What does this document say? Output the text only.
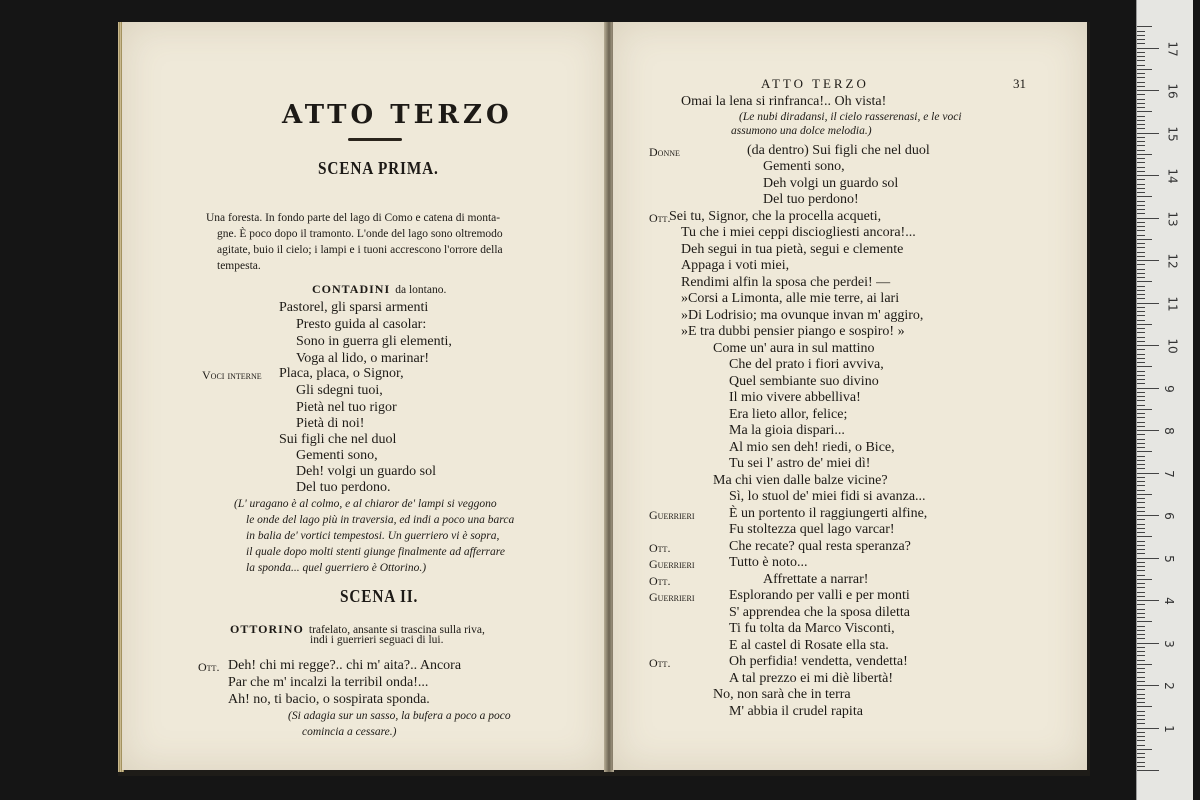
ATTO TERZO
SCENA PRIMA.
Una foresta. In fondo parte del lago di Como e catena di monta-
gne. È poco dopo il tramonto. L'onde del lago sono oltremodo
agitate, buio il cielo; i lampi e i tuoni accrescono l'orrore della
tempesta.
CONTADINI da lontano.
Pastorel, gli sparsi armenti
Presto guida al casolar:
Sono in guerra gli elementi,
Voga al lido, o marinar!
Voci interne Placa, placa, o Signor,
Gli sdegni tuoi,
Pietà nel tuo rigor
Pietà di noi!
Sui figli che nel duol
Gementi sono,
Deh! volgi un guardo sol
Del tuo perdono.
(L' uragano è al colmo, e al chiaror de' lampi si veggono
le onde del lago più in traversia, ed indi a poco una barca
in balia de' vortici tempestosi. Un guerriero vi è sopra,
il quale dopo molti stenti giunge finalmente ad afferrare
la sponda... quel guerriero è Ottorino.)
SCENA II.
OTTORINO trafelato, ansante si trascina sulla riva,
indi i guerrieri seguaci di lui.
Ott. Deh! chi mi regge?.. chi m' aita?.. Ancora
Par che m' incalzi la terribil onda!...
Ah! no, ti bacio, o sospirata sponda.
(Si adagia sur un sasso, la bufera a poco a poco
comincia a cessare.)
ATTO TERZO	31
Omai la lena si rinfranca!.. Oh vista!
(Le nubi diradansi, il cielo rasserenasi, e le voci
assumono una dolce melodia.)
Donne	(da dentro) Sui figli che nel duol
Gementi sono,
Deh volgi un guardo sol
Del tuo perdono!
Ott.
Sei tu, Signor, che la procella acqueti,
Tu che i miei ceppi disciogliesti ancora!...
Deh segui in tua pietà, segui e clemente
Appaga i voti miei,
Rendimi alfin la sposa che perdei! —
»Corsi a Limonta, alle mie terre, ai lari
»Di Lodrisio; ma ovunque invan m' aggiro,
»E tra dubbi pensier piango e sospiro! »
Come un' aura in sul mattino
Che del prato i fiori avviva,
Quel sembiante suo divino
Il mio vivere abbelliva!
Era lieto allor, felice;
Ma la gioia dispari...
Al mio sen deh! riedi, o Bice,
Tu sei l' astro de' miei dì!
Ma chi vien dalle balze vicine?
Sì, lo stuol de' miei fidi si avanza...
Guerrieri È un portento il raggiungerti alfine,
Fu stoltezza quel lago varcar!
Ott.	Che recate? qual resta speranza?
Guerrieri Tutto è noto...
Ott.	Affrettate a narrar!
Guerrieri Esplorando per valli e per monti
S' apprendea che la sposa diletta
Ti fu tolta da Marco Visconti,
E al castel di Rosate ella sta.
Ott.	Oh perfidia! vendetta, vendetta!
A tal prezzo ei mi diè libertà!
No, non sarà che in terra
M' abbia il crudel rapita
1
2
3
4
5
6
7
8
9
10
11
12
13
14
15
16
17
